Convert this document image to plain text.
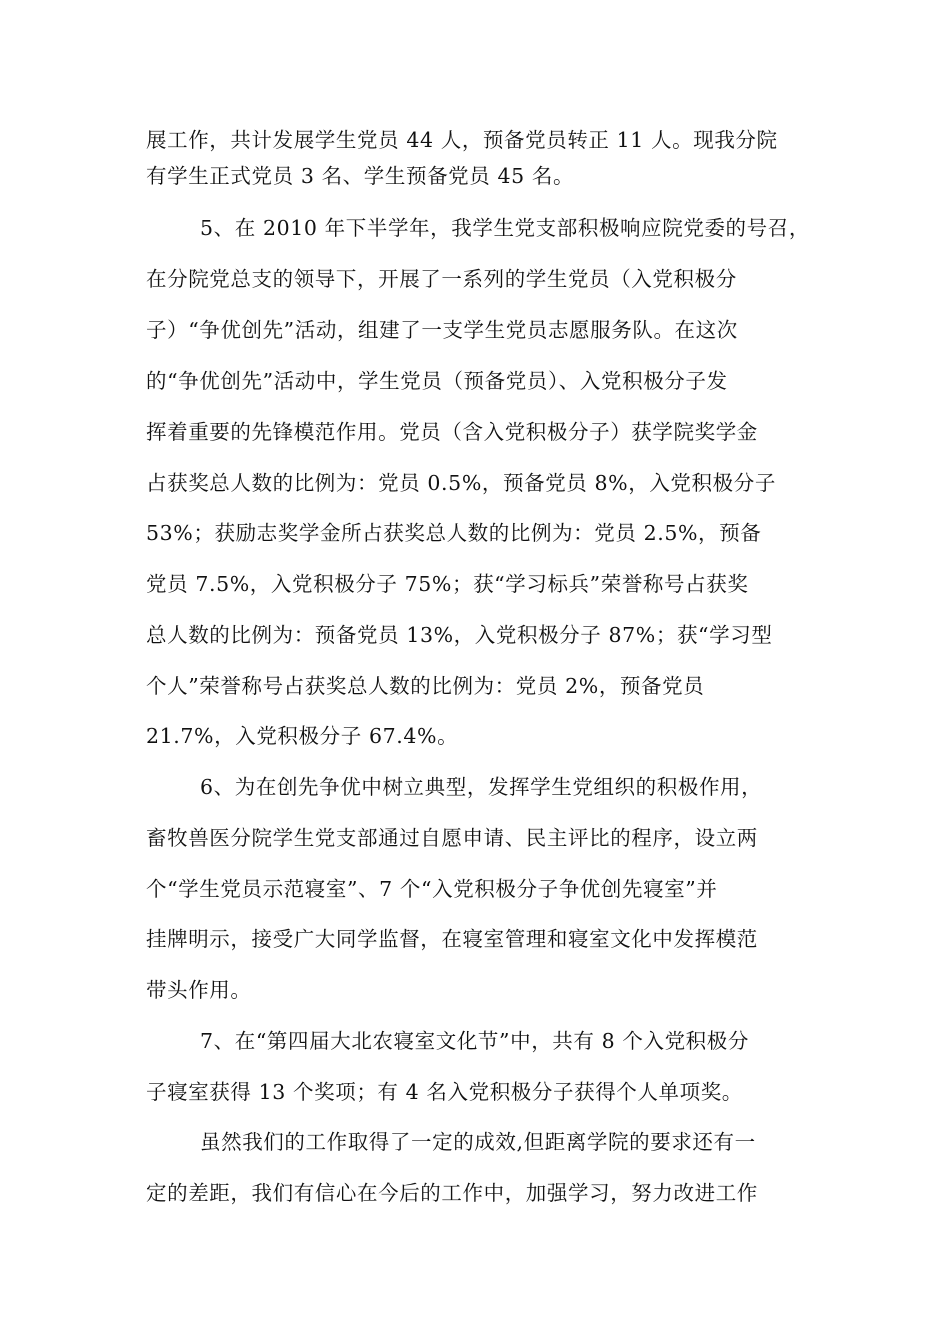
展工作，共计发展学生党员 44 人，预备党员转正 11 人。现我分院
有学生正式党员 3 名、学生预备党员 45 名。
5、在 2010 年下半学年，我学生党支部积极响应院党委的号召，
在分院党总支的领导下，开展了一系列的学生党员（入党积极分
子）“争优创先”活动，组建了一支学生党员志愿服务队。在这次
的“争优创先”活动中，学生党员（预备党员）、入党积极分子发
挥着重要的先锋模范作用。党员（含入党积极分子）获学院奖学金
占获奖总人数的比例为：党员 0.5%，预备党员 8%，入党积极分子
53%；获励志奖学金所占获奖总人数的比例为：党员 2.5%，预备
党员 7.5%，入党积极分子 75%；获“学习标兵”荣誉称号占获奖
总人数的比例为：预备党员 13%，入党积极分子 87%；获“学习型
个人”荣誉称号占获奖总人数的比例为：党员 2%，预备党员
21.7%，入党积极分子 67.4%。
6、为在创先争优中树立典型，发挥学生党组织的积极作用，
畜牧兽医分院学生党支部通过自愿申请、民主评比的程序，设立两
个“学生党员示范寝室”、7 个“入党积极分子争优创先寝室”并
挂牌明示，接受广大同学监督，在寝室管理和寝室文化中发挥模范
带头作用。
7、在“第四届大北农寝室文化节”中，共有 8 个入党积极分
子寝室获得 13 个奖项；有 4 名入党积极分子获得个人单项奖。
虽然我们的工作取得了一定的成效,但距离学院的要求还有一
定的差距，我们有信心在今后的工作中，加强学习，努力改进工作
